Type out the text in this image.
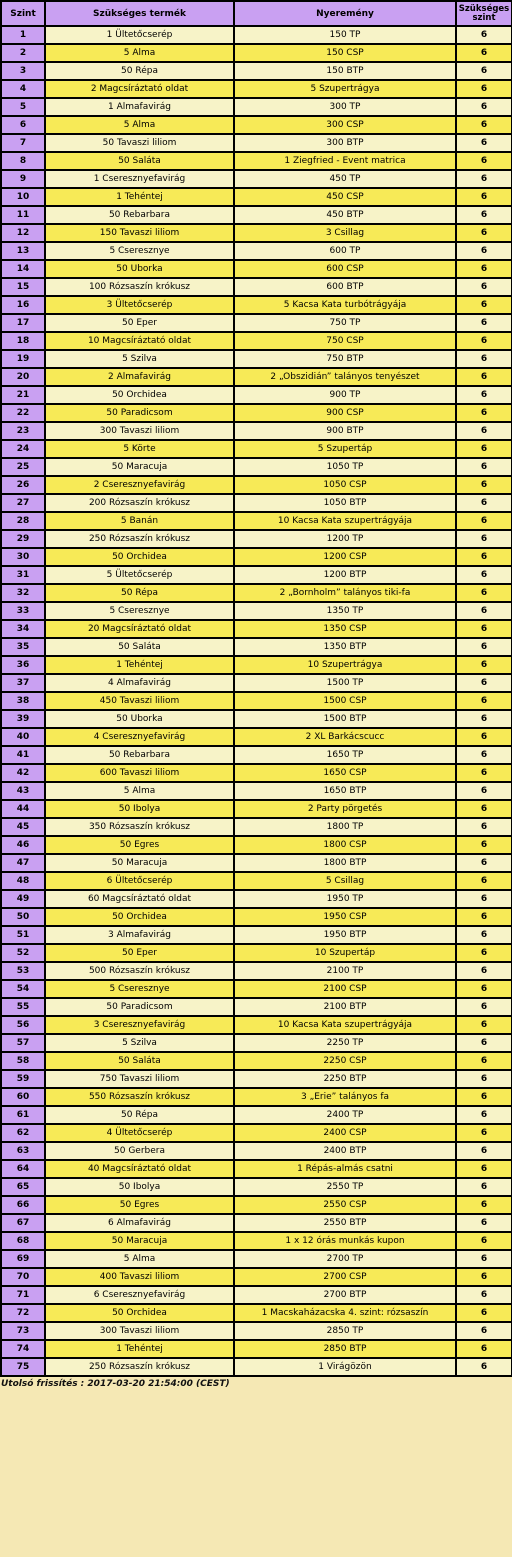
Szint	Szükséges termék	Nyeremény	Szükséges szint
1	1 Ültetőcserép	150 TP	6
2	5 Alma	150 CSP	6
3	50 Répa	150 BTP	6
4	2 Magcsíráztató oldat	5 Szupertrágya	6
5	1 Almafavirág	300 TP	6
6	5 Alma	300 CSP	6
7	50 Tavaszi liliom	300 BTP	6
8	50 Saláta	1 Ziegfried - Event matrica	6
9	1 Cseresznyefavirág	450 TP	6
10	1 Tehéntej	450 CSP	6
11	50 Rebarbara	450 BTP	6
12	150 Tavaszi liliom	3 Csillag	6
13	5 Cseresznye	600 TP	6
14	50 Uborka	600 CSP	6
15	100 Rózsaszín krókusz	600 BTP	6
16	3 Ültetőcserép	5 Kacsa Kata turbótrágyája	6
17	50 Eper	750 TP	6
18	10 Magcsíráztató oldat	750 CSP	6
19	5 Szilva	750 BTP	6
20	2 Almafavirág	2 „Obszidián” talányos tenyészet	6
21	50 Orchidea	900 TP	6
22	50 Paradicsom	900 CSP	6
23	300 Tavaszi liliom	900 BTP	6
24	5 Körte	5 Szupertáp	6
25	50 Maracuja	1050 TP	6
26	2 Cseresznyefavirág	1050 CSP	6
27	200 Rózsaszín krókusz	1050 BTP	6
28	5 Banán	10 Kacsa Kata szupertrágyája	6
29	250 Rózsaszín krókusz	1200 TP	6
30	50 Orchidea	1200 CSP	6
31	5 Ültetőcserép	1200 BTP	6
32	50 Répa	2 „Bornholm” talányos tiki-fa	6
33	5 Cseresznye	1350 TP	6
34	20 Magcsíráztató oldat	1350 CSP	6
35	50 Saláta	1350 BTP	6
36	1 Tehéntej	10 Szupertrágya	6
37	4 Almafavirág	1500 TP	6
38	450 Tavaszi liliom	1500 CSP	6
39	50 Uborka	1500 BTP	6
40	4 Cseresznyefavirág	2 XL Barkácscucc	6
41	50 Rebarbara	1650 TP	6
42	600 Tavaszi liliom	1650 CSP	6
43	5 Alma	1650 BTP	6
44	50 Ibolya	2 Party pörgetés	6
45	350 Rózsaszín krókusz	1800 TP	6
46	50 Egres	1800 CSP	6
47	50 Maracuja	1800 BTP	6
48	6 Ültetőcserép	5 Csillag	6
49	60 Magcsíráztató oldat	1950 TP	6
50	50 Orchidea	1950 CSP	6
51	3 Almafavirág	1950 BTP	6
52	50 Eper	10 Szupertáp	6
53	500 Rózsaszín krókusz	2100 TP	6
54	5 Cseresznye	2100 CSP	6
55	50 Paradicsom	2100 BTP	6
56	3 Cseresznyefavirág	10 Kacsa Kata szupertrágyája	6
57	5 Szilva	2250 TP	6
58	50 Saláta	2250 CSP	6
59	750 Tavaszi liliom	2250 BTP	6
60	550 Rózsaszín krókusz	3 „Erie” talányos fa	6
61	50 Répa	2400 TP	6
62	4 Ültetőcserép	2400 CSP	6
63	50 Gerbera	2400 BTP	6
64	40 Magcsíráztató oldat	1 Répás-almás csatni	6
65	50 Ibolya	2550 TP	6
66	50 Egres	2550 CSP	6
67	6 Almafavirág	2550 BTP	6
68	50 Maracuja	1 x 12 órás munkás kupon	6
69	5 Alma	2700 TP	6
70	400 Tavaszi liliom	2700 CSP	6
71	6 Cseresznyefavirág	2700 BTP	6
72	50 Orchidea	1 Macskaházacska 4. szint: rózsaszín	6
73	300 Tavaszi liliom	2850 TP	6
74	1 Tehéntej	2850 BTP	6
75	250 Rózsaszín krókusz	1 Virágözön	6
Utolsó frissítés : 2017-03-20 21:54:00 (CEST)
